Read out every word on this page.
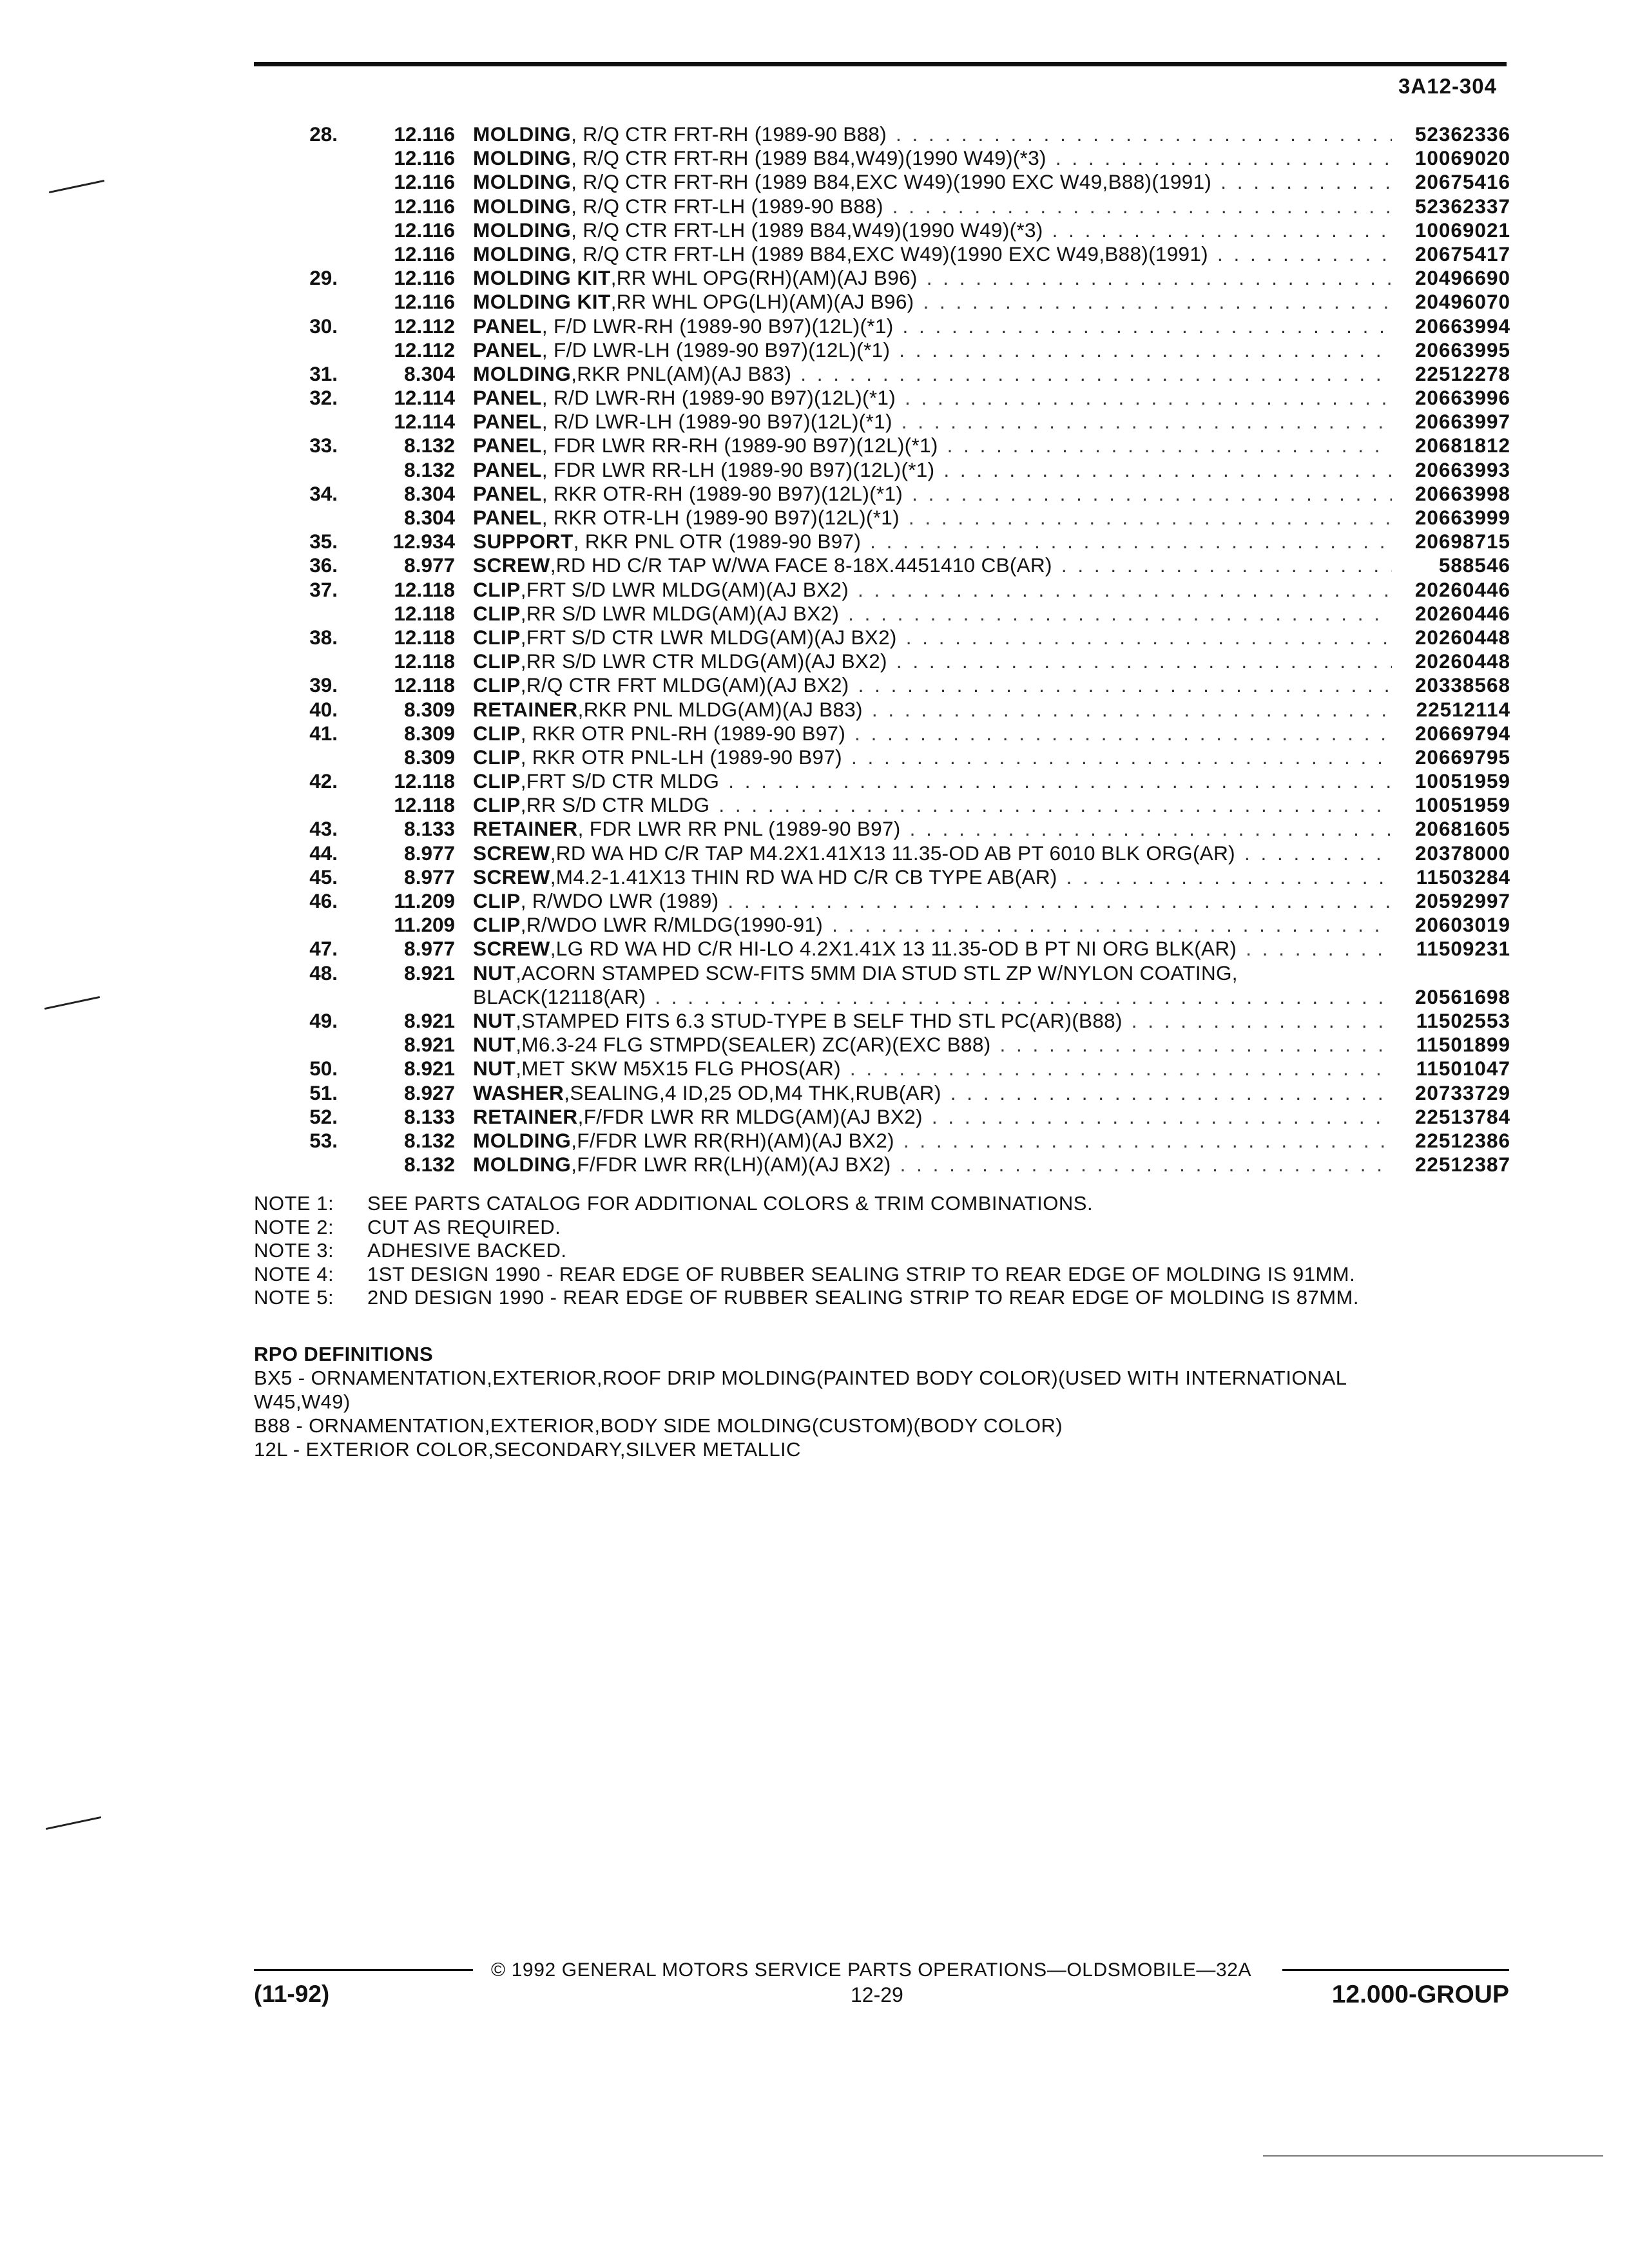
3A12-304
28.	12.116 MOLDING , R/Q CTR FRT-RH (1989-90 B88) . . .	52362336
12.116 MOLDING , R/Q CTR FRT-RH (1989 B84,W49)(1990 W49)(*3) . . .	10069020
12.116 MOLDING , R/Q CTR FRT-RH (1989 B84,EXC W49)(1990 EXC W49,B88)(1991) . . .	20675416
12.116 MOLDING , R/Q CTR FRT-LH (1989-90 B88) . . .	52362337
12.116 MOLDING , R/Q CTR FRT-LH (1989 B84,W49)(1990 W49)(*3) . . .	10069021
12.116 MOLDING , R/Q CTR FRT-LH (1989 B84,EXC W49)(1990 EXC W49,B88)(1991) . . .	20675417
29.	12.116 MOLDING KIT ,RR WHL OPG(RH)(AM)(AJ B96) . . .	20496690
12.116 MOLDING KIT ,RR WHL OPG(LH)(AM)(AJ B96) . . .	20496070
30.	12.112 PANEL , F/D LWR-RH (1989-90 B97)(12L)(*1) . . .	20663994
12.112 PANEL , F/D LWR-LH (1989-90 B97)(12L)(*1) . . .	20663995
31.	8.304 MOLDING ,RKR PNL(AM)(AJ B83) . . .	22512278
32.	12.114 PANEL , R/D LWR-RH (1989-90 B97)(12L)(*1) . . .	20663996
12.114 PANEL , R/D LWR-LH (1989-90 B97)(12L)(*1) . . .	20663997
33.	8.132 PANEL , FDR LWR RR-RH (1989-90 B97)(12L)(*1) . . .	20681812
8.132 PANEL , FDR LWR RR-LH (1989-90 B97)(12L)(*1) . . .	20663993
34.	8.304 PANEL , RKR OTR-RH (1989-90 B97)(12L)(*1) . . .	20663998
8.304 PANEL , RKR OTR-LH (1989-90 B97)(12L)(*1) . . .	20663999
35.	12.934 SUPPORT , RKR PNL OTR (1989-90 B97) . . .	20698715
36.	8.977 SCREW ,RD HD C/R TAP W/WA FACE 8-18X.4451410 CB(AR) . . .	588546
37.	12.118 CLIP ,FRT S/D LWR MLDG(AM)(AJ BX2) . . .	20260446
12.118 CLIP ,RR S/D LWR MLDG(AM)(AJ BX2) . . .	20260446
38.	12.118 CLIP ,FRT S/D CTR LWR MLDG(AM)(AJ BX2) . . .	20260448
12.118 CLIP ,RR S/D LWR CTR MLDG(AM)(AJ BX2) . . .	20260448
39.	12.118 CLIP ,R/Q CTR FRT MLDG(AM)(AJ BX2) . . .	20338568
40.	8.309 RETAINER ,RKR PNL MLDG(AM)(AJ B83) . . .	22512114
41.	8.309 CLIP , RKR OTR PNL-RH (1989-90 B97) . . .	20669794
8.309 CLIP , RKR OTR PNL-LH (1989-90 B97) . . .	20669795
42.	12.118 CLIP ,FRT S/D CTR MLDG . . .	10051959
12.118 CLIP ,RR S/D CTR MLDG . . .	10051959
43.	8.133 RETAINER , FDR LWR RR PNL (1989-90 B97) . . .	20681605
44.	8.977 SCREW ,RD WA HD C/R TAP M4.2X1.41X13 11.35-OD AB PT 6010 BLK ORG(AR) . . .	20378000
45.	8.977 SCREW ,M4.2-1.41X13 THIN RD WA HD C/R CB TYPE AB(AR) . . .	11503284
46.	11.209 CLIP , R/WDO LWR (1989) . . .	20592997
11.209 CLIP ,R/WDO LWR R/MLDG(1990-91) . . .	20603019
47.	8.977 SCREW ,LG RD WA HD C/R HI-LO 4.2X1.41X 13 11.35-OD B PT NI ORG BLK(AR) . . .	11509231
48.	8.921 NUT ,ACORN STAMPED SCW-FITS 5MM DIA STUD STL ZP W/NYLON COATING,
BLACK(12118(AR) . . .	20561698
49.	8.921 NUT ,STAMPED FITS 6.3 STUD-TYPE B SELF THD STL PC(AR)(B88) . . .	11502553
8.921 NUT ,M6.3-24 FLG STMPD(SEALER) ZC(AR)(EXC B88) . . .	11501899
50.	8.921 NUT ,MET SKW M5X15 FLG PHOS(AR) . . .	11501047
51.	8.927 WASHER ,SEALING,4 ID,25 OD,M4 THK,RUB(AR) . . .	20733729
52.	8.133 RETAINER ,F/FDR LWR RR MLDG(AM)(AJ BX2) . . .	22513784
53.	8.132 MOLDING ,F/FDR LWR RR(RH)(AM)(AJ BX2) . . .	22512386
8.132 MOLDING ,F/FDR LWR RR(LH)(AM)(AJ BX2) . . .	22512387
NOTE 1: SEE PARTS CATALOG FOR ADDITIONAL COLORS & TRIM COMBINATIONS.
NOTE 2: CUT AS REQUIRED.
NOTE 3: ADHESIVE BACKED.
NOTE 4: 1ST DESIGN 1990 - REAR EDGE OF RUBBER SEALING STRIP TO REAR EDGE OF MOLDING IS 91MM.
NOTE 5: 2ND DESIGN 1990 - REAR EDGE OF RUBBER SEALING STRIP TO REAR EDGE OF MOLDING IS 87MM.
RPO DEFINITIONS
BX5 - ORNAMENTATION,EXTERIOR,ROOF DRIP MOLDING(PAINTED BODY COLOR)(USED WITH INTERNATIONAL
W45,W49)
B88 - ORNAMENTATION,EXTERIOR,BODY SIDE MOLDING(CUSTOM)(BODY COLOR)
12L - EXTERIOR COLOR,SECONDARY,SILVER METALLIC
© 1992 GENERAL MOTORS SERVICE PARTS OPERATIONS—OLDSMOBILE—32A
(11-92)	12-29	12.000-GROUP
